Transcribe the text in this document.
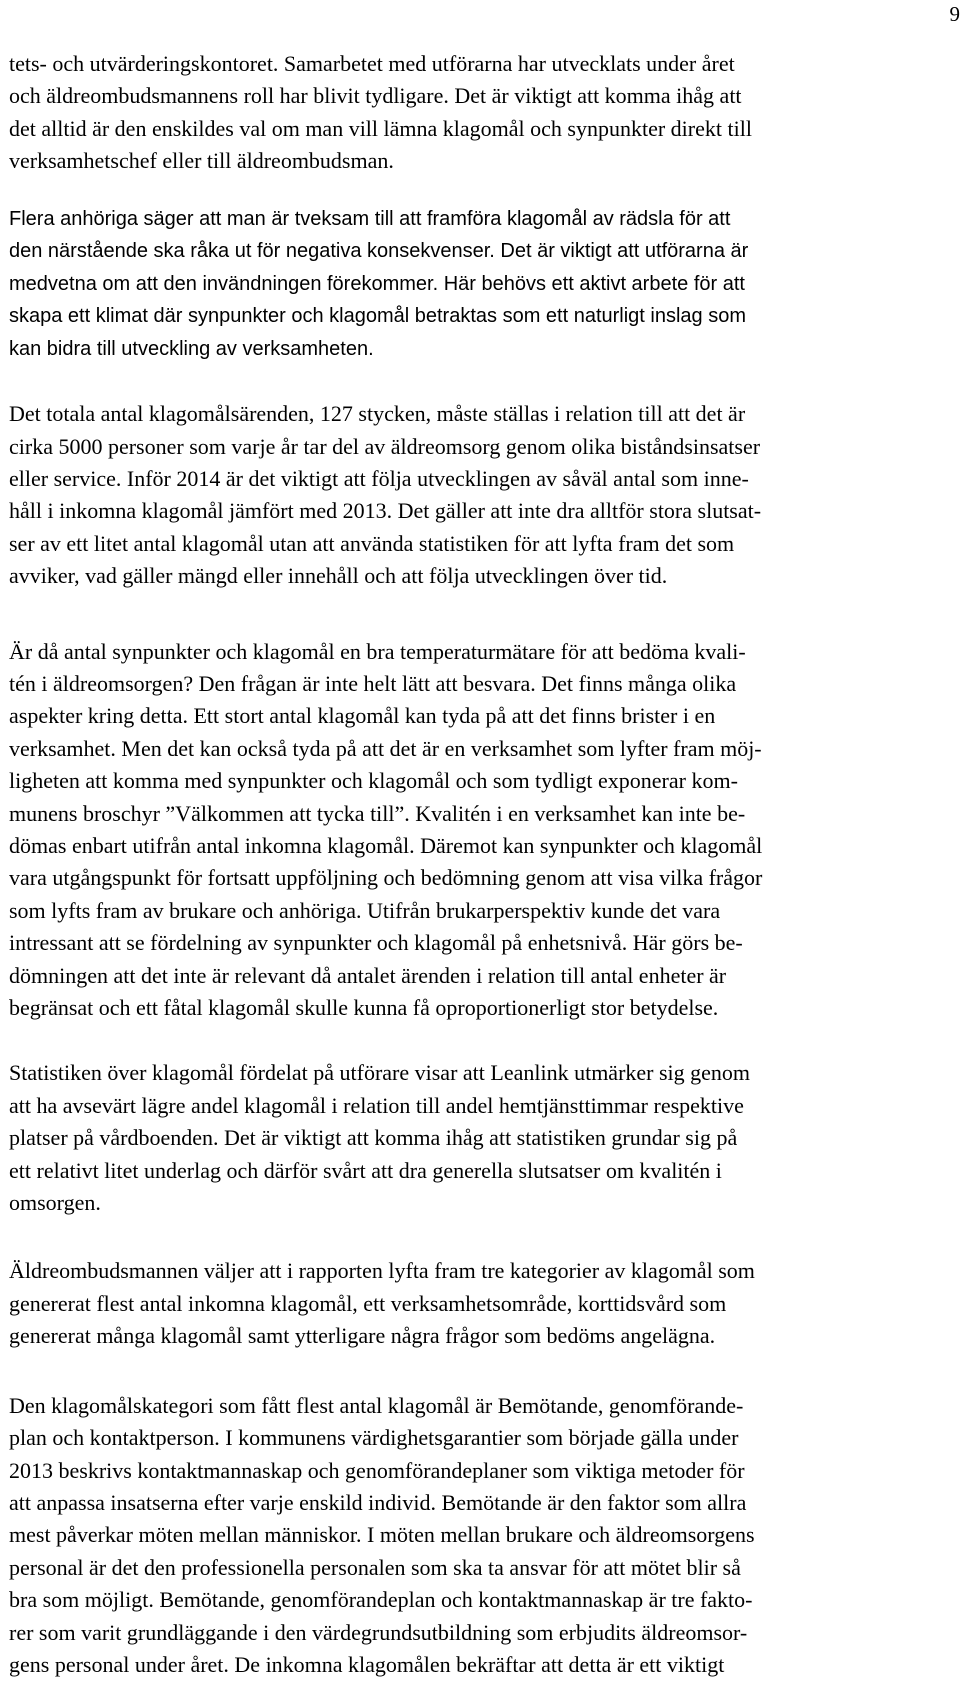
9

tets- och utvärderingskontoret. Samarbetet med utförarna har utvecklats under året
och äldreombudsmannens roll har blivit tydligare. Det är viktigt att komma ihåg att
det alltid är den enskildes val om man vill lämna klagomål och synpunkter direkt till
verksamhetschef eller till äldreombudsman.

Flera anhöriga säger att man är tveksam till att framföra klagomål av rädsla för att
den närstående ska råka ut för negativa konsekvenser. Det är viktigt att utförarna är
medvetna om att den invändningen förekommer. Här behövs ett aktivt arbete för att
skapa ett klimat där synpunkter och klagomål betraktas som ett naturligt inslag som
kan bidra till utveckling av verksamheten.

Det totala antal klagomålsärenden, 127 stycken, måste ställas i relation till att det är
cirka 5000 personer som varje år tar del av äldreomsorg genom olika biståndsinsatser
eller service. Inför 2014 är det viktigt att följa utvecklingen av såväl antal som inne-
håll i inkomna klagomål jämfört med 2013. Det gäller att inte dra alltför stora slutsat-
ser av ett litet antal klagomål utan att använda statistiken för att lyfta fram det som
avviker, vad gäller mängd eller innehåll och att följa utvecklingen över tid.

Är då antal synpunkter och klagomål en bra temperaturmätare för att bedöma kvali-
tén i äldreomsorgen? Den frågan är inte helt lätt att besvara. Det finns många olika
aspekter kring detta. Ett stort antal klagomål kan tyda på att det finns brister i en
verksamhet. Men det kan också tyda på att det är en verksamhet som lyfter fram möj-
ligheten att komma med synpunkter och klagomål och som tydligt exponerar kom-
munens broschyr ”Välkommen att tycka till”. Kvalitén i en verksamhet kan inte be-
dömas enbart utifrån antal inkomna klagomål. Däremot kan synpunkter och klagomål
vara utgångspunkt för fortsatt uppföljning och bedömning genom att visa vilka frågor
som lyfts fram av brukare och anhöriga. Utifrån brukarperspektiv kunde det vara
intressant att se fördelning av synpunkter och klagomål på enhetsnivå. Här görs be-
dömningen att det inte är relevant då antalet ärenden i relation till antal enheter är
begränsat och ett fåtal klagomål skulle kunna få oproportionerligt stor betydelse.

Statistiken över klagomål fördelat på utförare visar att Leanlink utmärker sig genom
att ha avsevärt lägre andel klagomål i relation till andel hemtjänsttimmar respektive
platser på vårdboenden. Det är viktigt att komma ihåg att statistiken grundar sig på
ett relativt litet underlag och därför svårt att dra generella slutsatser om kvalitén i
omsorgen.

Äldreombudsmannen väljer att i rapporten lyfta fram tre kategorier av klagomål som
genererat flest antal inkomna klagomål, ett verksamhetsområde, korttidsvård som
genererat många klagomål samt ytterligare några frågor som bedöms angelägna.

Den klagomålskategori som fått flest antal klagomål är Bemötande, genomförande-
plan och kontaktperson. I kommunens värdighetsgarantier som började gälla under
2013 beskrivs kontaktmannaskap och genomförandeplaner som viktiga metoder för
att anpassa insatserna efter varje enskild individ. Bemötande är den faktor som allra
mest påverkar möten mellan människor. I möten mellan brukare och äldreomsorgens
personal är det den professionella personalen som ska ta ansvar för att mötet blir så
bra som möjligt. Bemötande, genomförandeplan och kontaktmannaskap är tre fakto-
rer som varit grundläggande i den värdegrundsutbildning som erbjudits äldreomsor-
gens personal under året. De inkomna klagomålen bekräftar att detta är ett viktigt
